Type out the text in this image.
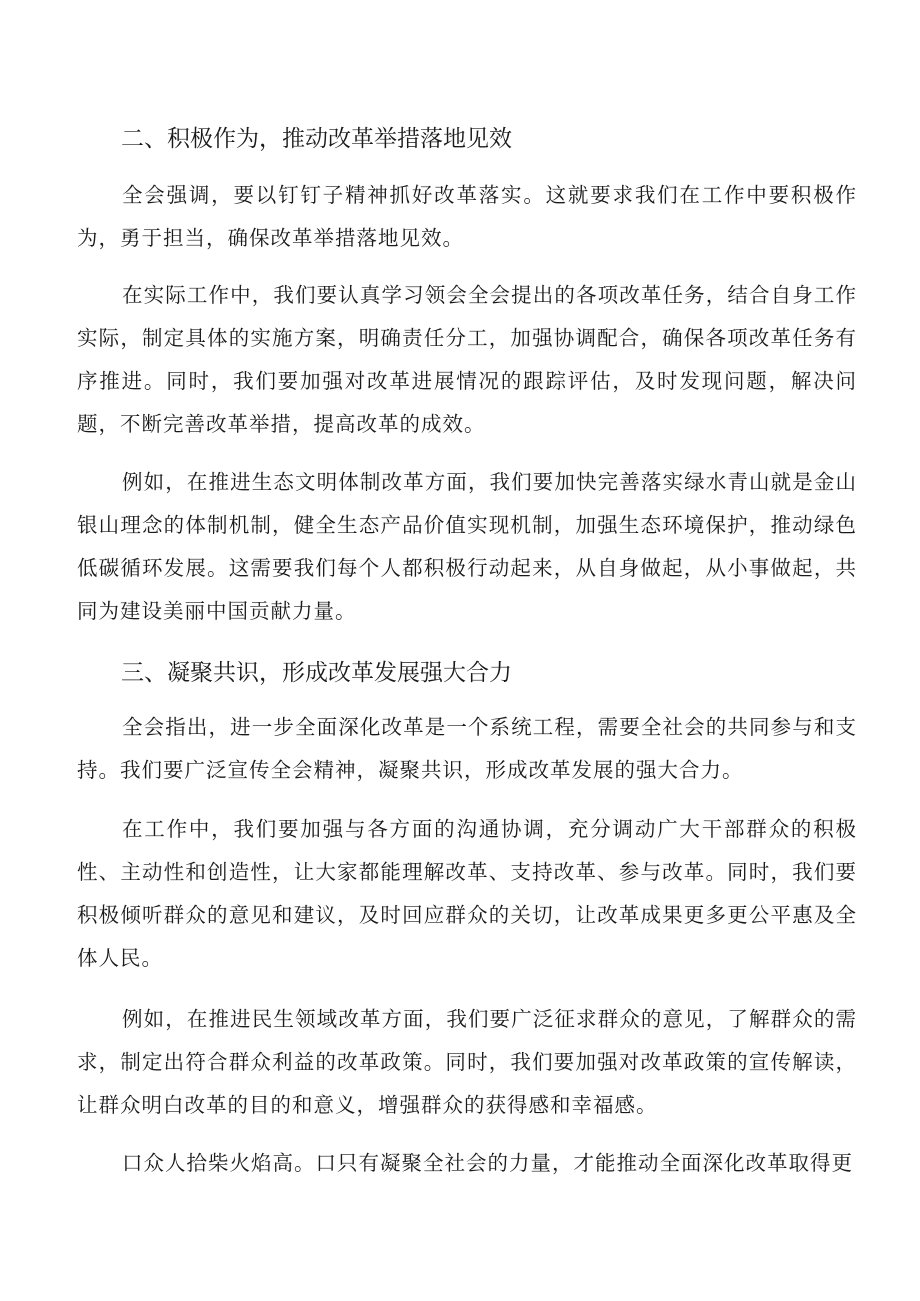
二、积极作为，推动改革举措落地见效

全会强调，要以钉钉子精神抓好改革落实。这就要求我们在工作中要积极作为，勇于担当，确保改革举措落地见效。

在实际工作中，我们要认真学习领会全会提出的各项改革任务，结合自身工作实际，制定具体的实施方案，明确责任分工，加强协调配合，确保各项改革任务有序推进。同时，我们要加强对改革进展情况的跟踪评估，及时发现问题，解决问题，不断完善改革举措，提高改革的成效。

例如，在推进生态文明体制改革方面，我们要加快完善落实绿水青山就是金山银山理念的体制机制，健全生态产品价值实现机制，加强生态环境保护，推动绿色低碳循环发展。这需要我们每个人都积极行动起来，从自身做起，从小事做起，共同为建设美丽中国贡献力量。

三、凝聚共识，形成改革发展强大合力

全会指出，进一步全面深化改革是一个系统工程，需要全社会的共同参与和支持。我们要广泛宣传全会精神，凝聚共识，形成改革发展的强大合力。

在工作中，我们要加强与各方面的沟通协调，充分调动广大干部群众的积极性、主动性和创造性，让大家都能理解改革、支持改革、参与改革。同时，我们要积极倾听群众的意见和建议，及时回应群众的关切，让改革成果更多更公平惠及全体人民。

例如，在推进民生领域改革方面，我们要广泛征求群众的意见，了解群众的需求，制定出符合群众利益的改革政策。同时，我们要加强对改革政策的宣传解读，让群众明白改革的目的和意义，增强群众的获得感和幸福感。

口众人拾柴火焰高。口只有凝聚全社会的力量，才能推动全面深化改革取得更
